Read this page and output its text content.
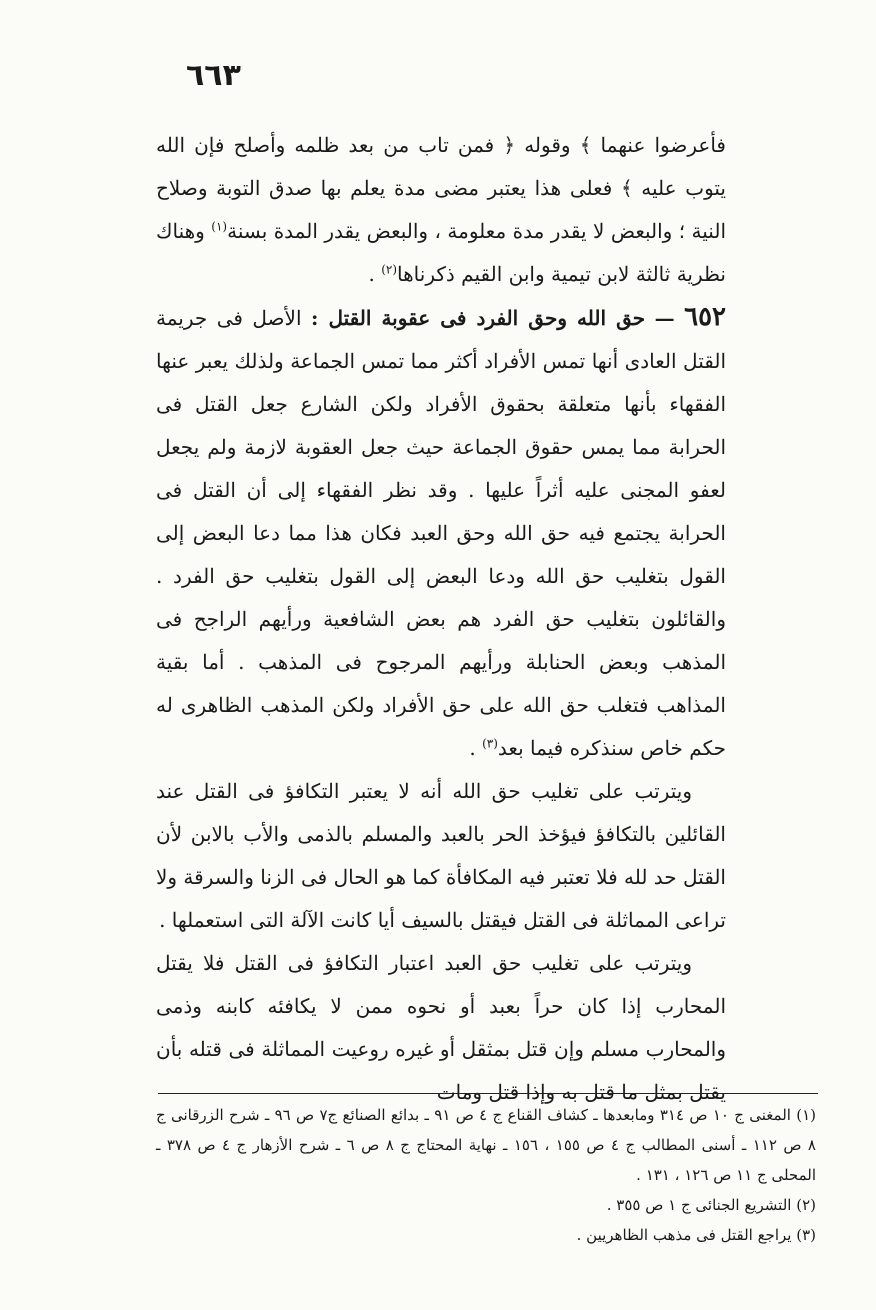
٦٦٣

فأعرضوا عنهما ﴾ وقوله ﴿ فمن تاب من بعد ظلمه وأصلح فإن الله يتوب عليه ﴾ فعلى هذا يعتبر مضى مدة يعلم بها صدق التوبة وصلاح النية ؛ والبعض لا يقدر مدة معلومة ، والبعض يقدر المدة بسنة$^{(١)}$ وهناك نظرية ثالثة لابن تيمية وابن القيم ذكرناها$^{(٢)}$ .

٦٥٢ — حق الله وحق الفرد فى عقوبة القتل : الأصل فى جريمة القتل العادى أنها تمس الأفراد أكثر مما تمس الجماعة ولذلك يعبر عنها الفقهاء بأنها متعلقة بحقوق الأفراد ولكن الشارع جعل القتل فى الحرابة مما يمس حقوق الجماعة حيث جعل العقوبة لازمة ولم يجعل لعفو المجنى عليه أثراً عليها . وقد نظر الفقهاء إلى أن القتل فى الحرابة يجتمع فيه حق الله وحق العبد فكان هذا مما دعا البعض إلى القول بتغليب حق الله ودعا البعض إلى القول بتغليب حق الفرد . والقائلون بتغليب حق الفرد هم بعض الشافعية ورأيهم الراجح فى المذهب وبعض الحنابلة ورأيهم المرجوح فى المذهب . أما بقية المذاهب فتغلب حق الله على حق الأفراد ولكن المذهب الظاهرى له حكم خاص سنذكره فيما بعد$^{(٣)}$ .

ويترتب على تغليب حق الله أنه لا يعتبر التكافؤ فى القتل عند القائلين بالتكافؤ فيؤخذ الحر بالعبد والمسلم بالذمى والأب بالابن لأن القتل حد لله فلا تعتبر فيه المكافأة كما هو الحال فى الزنا والسرقة ولا تراعى المماثلة فى القتل فيقتل بالسيف أيا كانت الآلة التى استعملها .

ويترتب على تغليب حق العبد اعتبار التكافؤ فى القتل فلا يقتل المحارب إذا كان حراً بعبد أو نحوه ممن لا يكافئه كابنه وذمى والمحارب مسلم وإن قتل بمثقل أو غيره روعيت المماثلة فى قتله بأن يقتل بمثل ما قتل به وإذا قتل ومات

(١) المغنى ج ١٠ ص ٣١٤ ومابعدها ـ كشاف القناع ج ٤ ص ٩١ ـ بدائع الصنائع ج٧ ص ٩٦ ـ شرح الزرقانى ج ٨ ص ١١٢ ـ أسنى المطالب ج ٤ ص ١٥٥ ، ١٥٦ ـ نهاية المحتاج ج ٨ ص ٦ ـ شرح الأزهار ج ٤ ص ٣٧٨ ـ المحلى ج ١١ ص ١٢٦ ، ١٣١ .

(٢) التشريع الجنائى ج ١ ص ٣٥٥ .

(٣) يراجع القتل فى مذهب الظاهريين .
